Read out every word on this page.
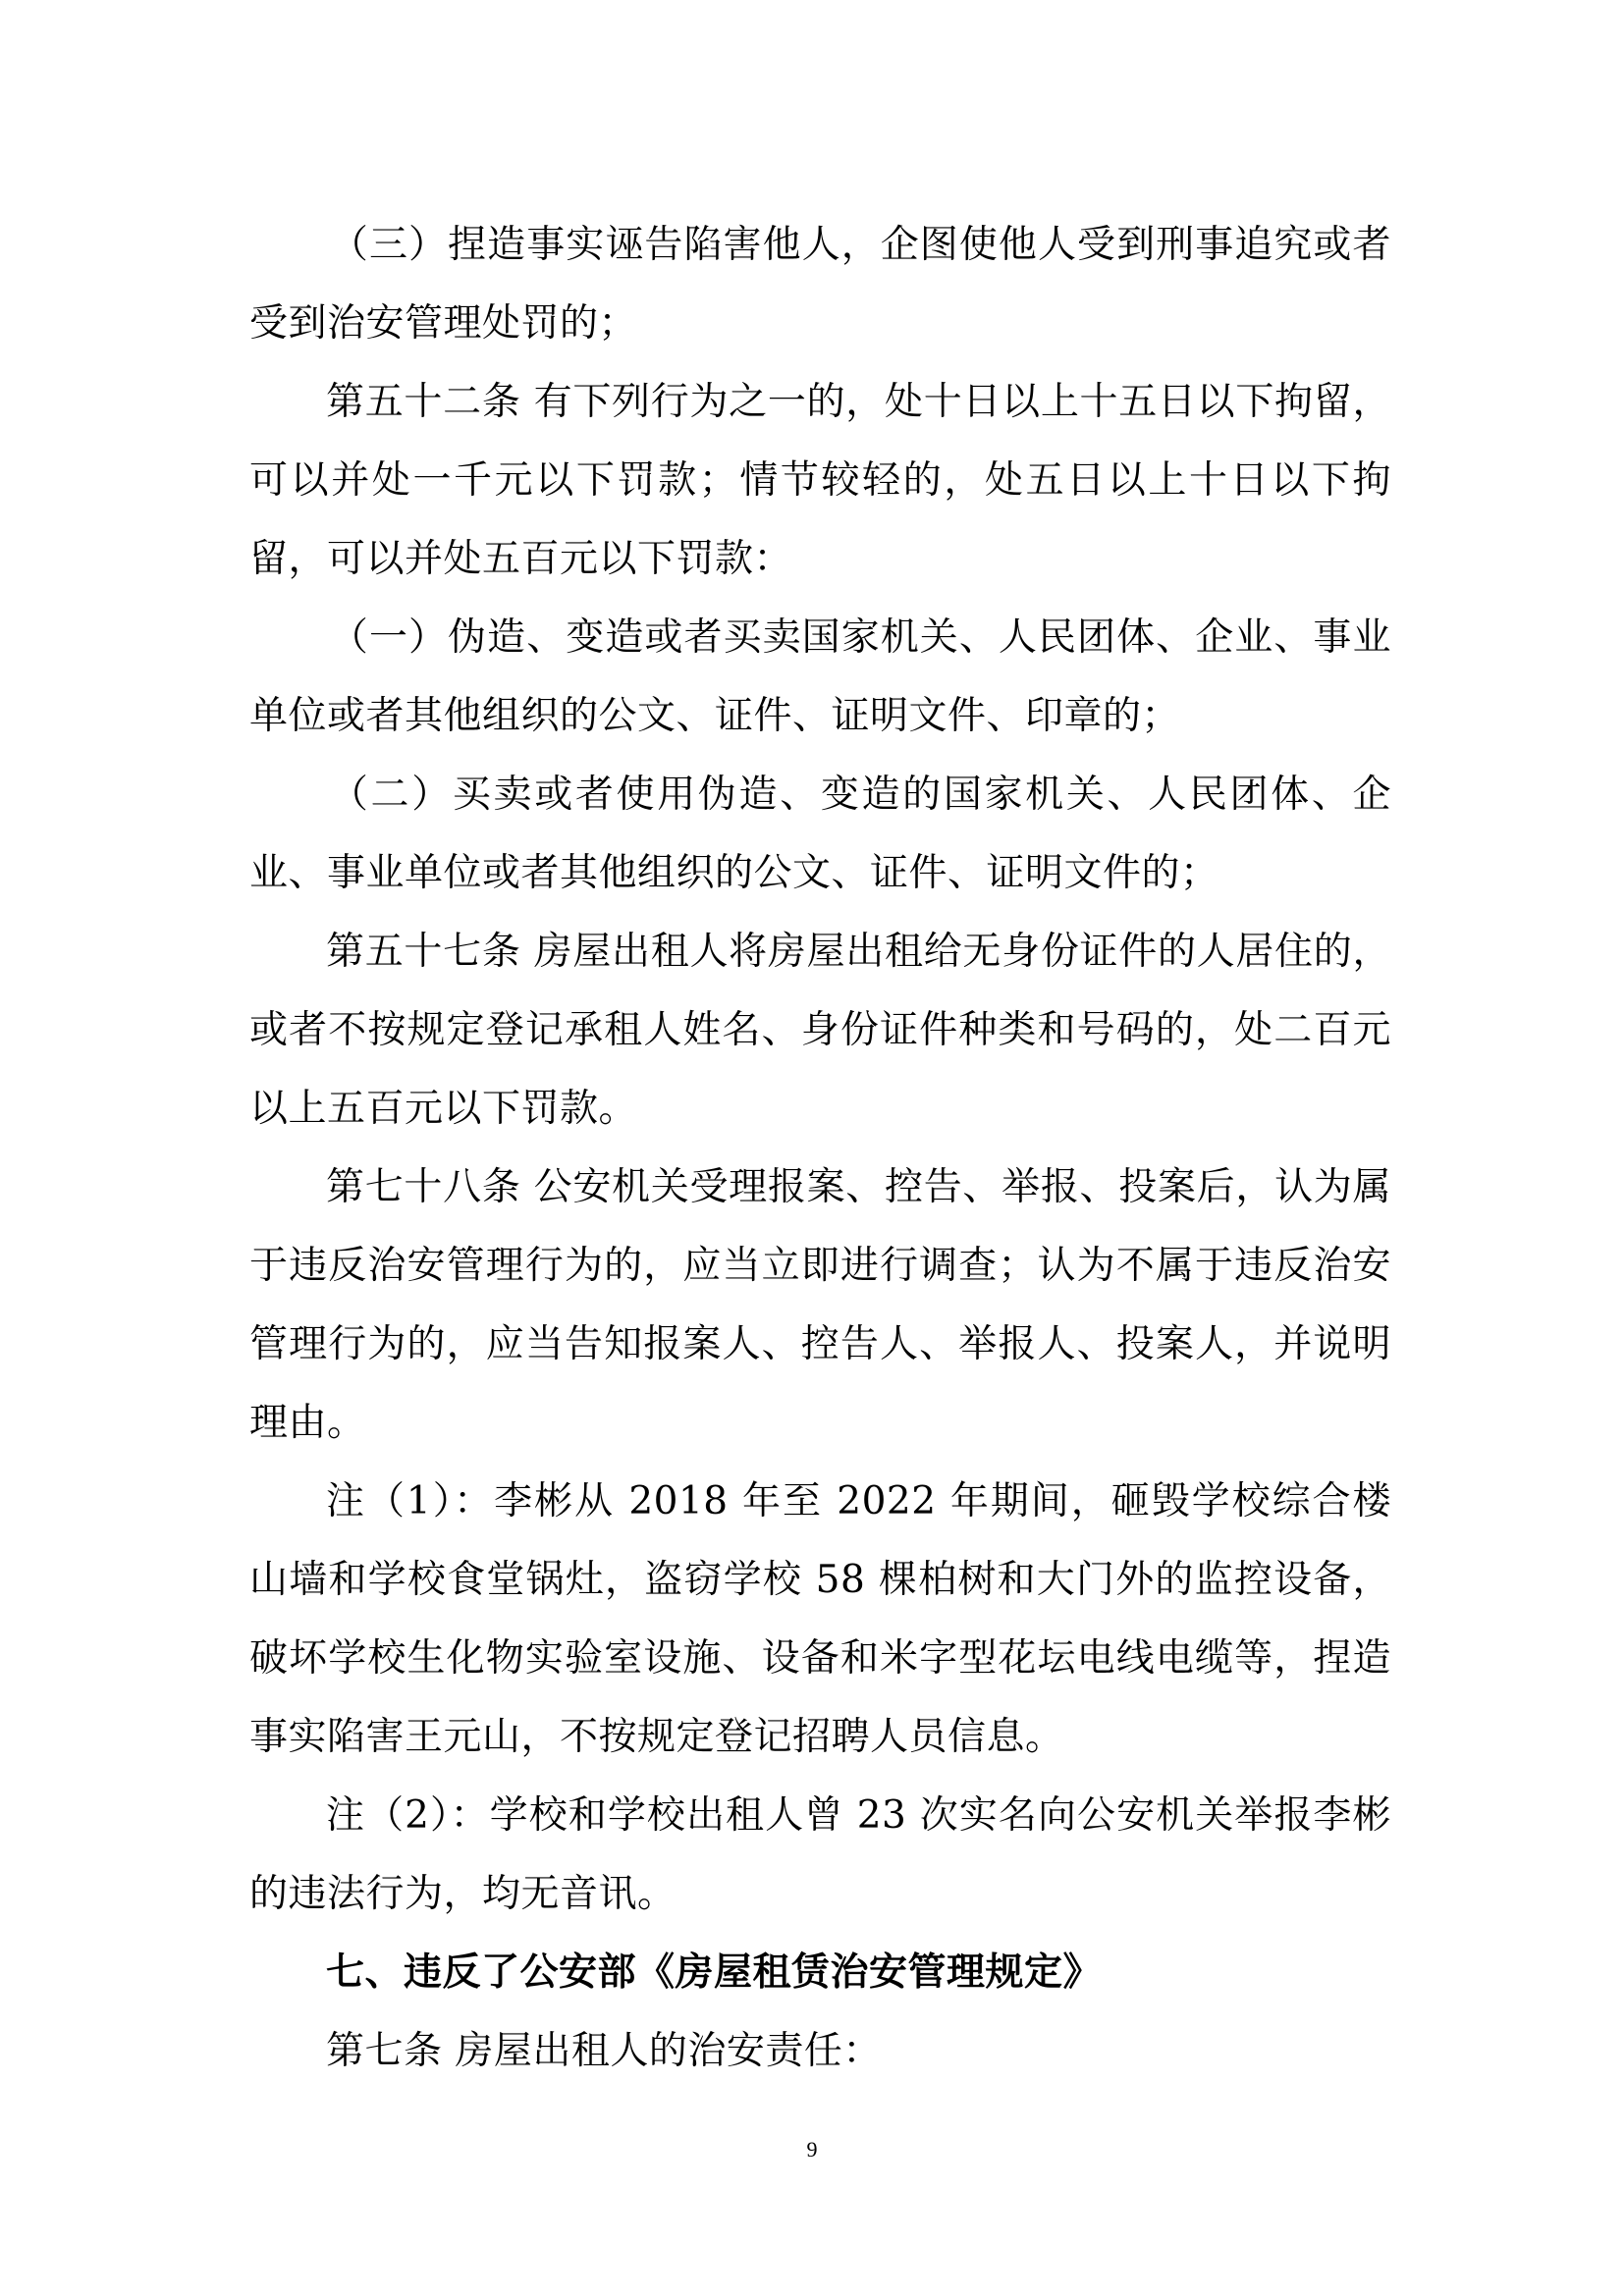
（三）捏造事实诬告陷害他人，企图使他人受到刑事追究或者受到治安管理处罚的；

第五十二条 有下列行为之一的，处十日以上十五日以下拘留，可以并处一千元以下罚款；情节较轻的，处五日以上十日以下拘留，可以并处五百元以下罚款：

（一）伪造、变造或者买卖国家机关、人民团体、企业、事业单位或者其他组织的公文、证件、证明文件、印章的；

（二）买卖或者使用伪造、变造的国家机关、人民团体、企业、事业单位或者其他组织的公文、证件、证明文件的；

第五十七条 房屋出租人将房屋出租给无身份证件的人居住的，或者不按规定登记承租人姓名、身份证件种类和号码的，处二百元以上五百元以下罚款。

第七十八条 公安机关受理报案、控告、举报、投案后，认为属于违反治安管理行为的，应当立即进行调查；认为不属于违反治安管理行为的，应当告知报案人、控告人、举报人、投案人，并说明理由。

注（1）：李彬从 2018 年至 2022 年期间，砸毁学校综合楼山墙和学校食堂锅灶，盗窃学校 58 棵柏树和大门外的监控设备，破坏学校生化物实验室设施、设备和米字型花坛电线电缆等，捏造事实陷害王元山，不按规定登记招聘人员信息。

注（2）：学校和学校出租人曾 23 次实名向公安机关举报李彬的违法行为，均无音讯。

七、违反了公安部《房屋租赁治安管理规定》

第七条 房屋出租人的治安责任：

9
